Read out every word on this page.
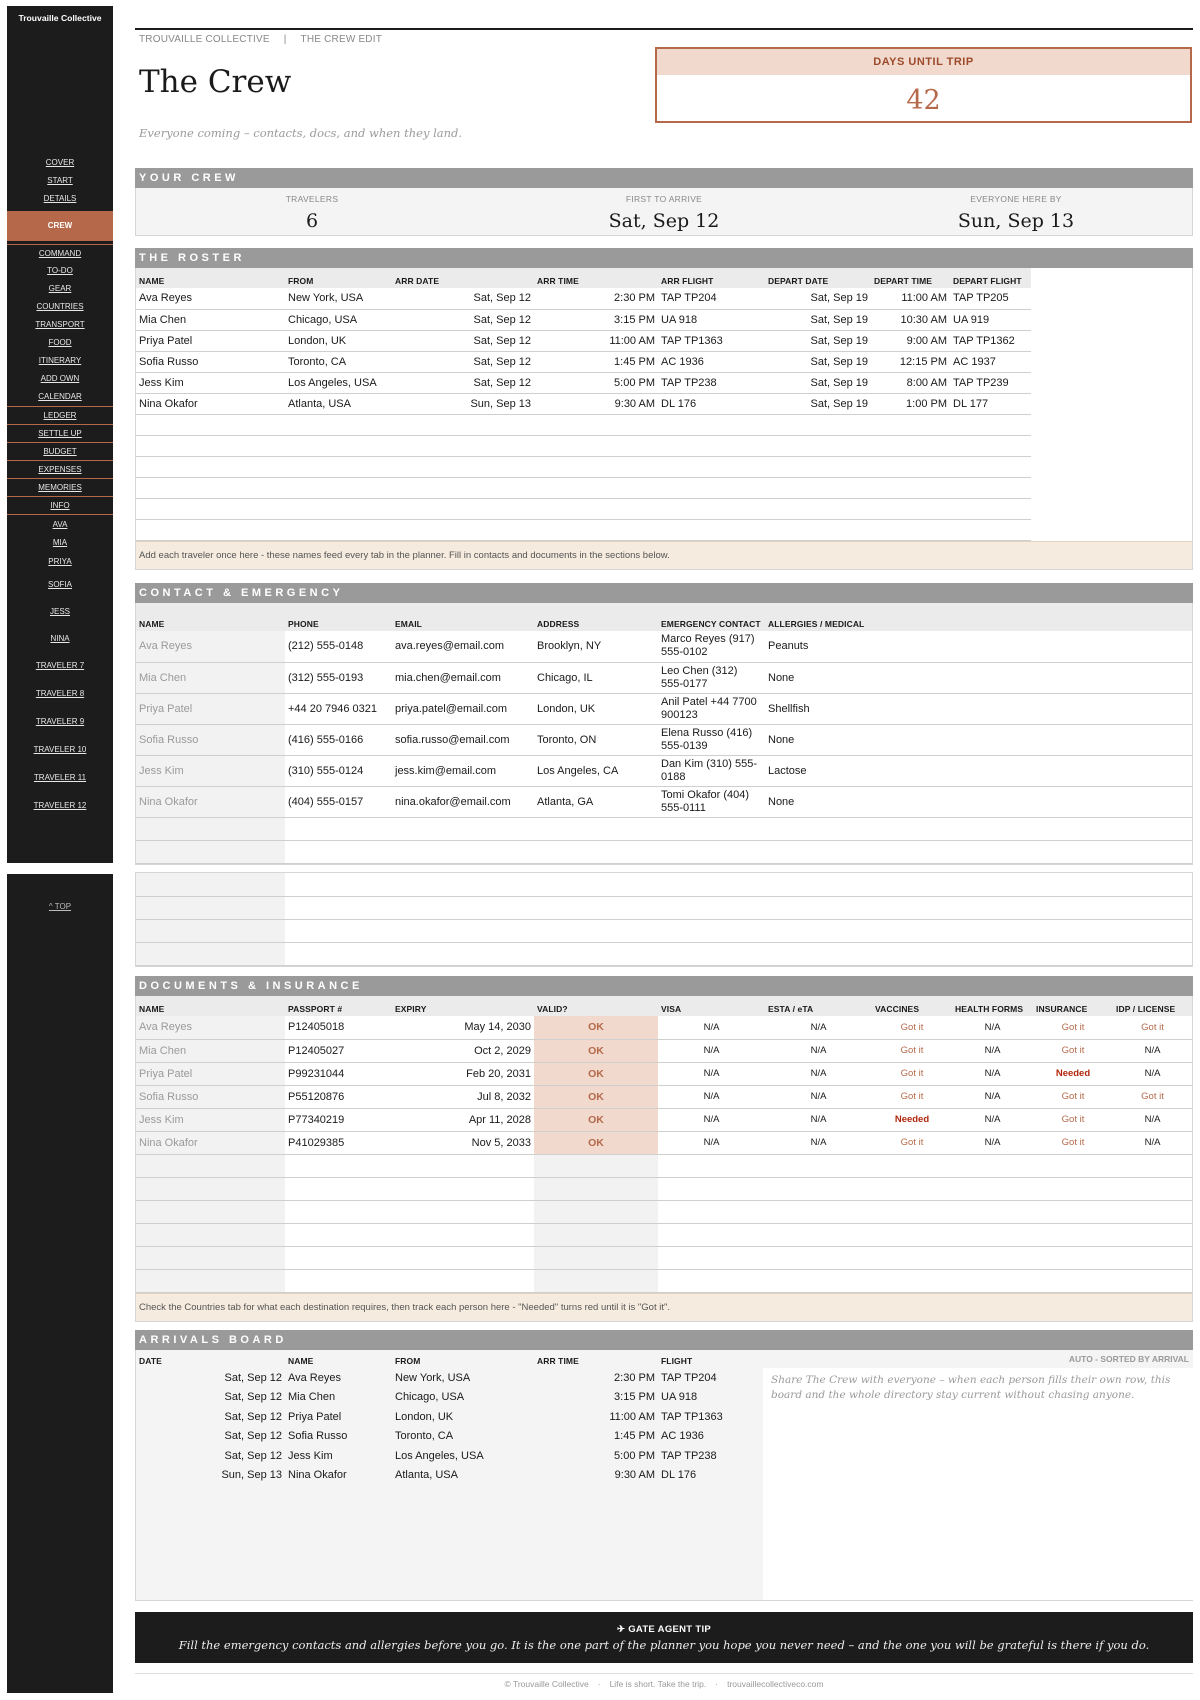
Trouvaille Collective
COVER
START
DETAILS
CREW
COMMAND
TO-DO
GEAR
COUNTRIES
TRANSPORT
FOOD
ITINERARY
ADD OWN
CALENDAR
LEDGER
SETTLE UP
BUDGET
EXPENSES
MEMORIES
INFO
AVA
MIA
PRIYA
SOFIA
JESS
NINA
TRAVELER 7
TRAVELER 8
TRAVELER 9
TRAVELER 10
TRAVELER 11
TRAVELER 12
^ TOP
TROUVAILLE COLLECTIVE | THE CREW EDIT
The Crew
Everyone coming – contacts, docs, and when they land.
DAYS UNTIL TRIP
42
YOUR CREW
TRAVELERS
6
FIRST TO ARRIVE
Sat, Sep 12
EVERYONE HERE BY
Sun, Sep 13
THE ROSTER
NAME	FROM	ARR DATE	ARR TIME	ARR FLIGHT	DEPART DATE	DEPART TIME	DEPART FLIGHT
Ava Reyes	New York, USA	Sat, Sep 12	2:30 PM	TAP TP204	Sat, Sep 19	11:00 AM	TAP TP205
Mia Chen	Chicago, USA	Sat, Sep 12	3:15 PM	UA 918	Sat, Sep 19	10:30 AM	UA 919
Priya Patel	London, UK	Sat, Sep 12	11:00 AM	TAP TP1363	Sat, Sep 19	9:00 AM	TAP TP1362
Sofia Russo	Toronto, CA	Sat, Sep 12	1:45 PM	AC 1936	Sat, Sep 19	12:15 PM	AC 1937
Jess Kim	Los Angeles, USA	Sat, Sep 12	5:00 PM	TAP TP238	Sat, Sep 19	8:00 AM	TAP TP239
Nina Okafor	Atlanta, USA	Sun, Sep 13	9:30 AM	DL 176	Sat, Sep 19	1:00 PM	DL 177

Add each traveler once here - these names feed every tab in the planner. Fill in contacts and documents in the sections below.
CONTACT & EMERGENCY
NAME	PHONE	EMAIL	ADDRESS	EMERGENCY CONTACT	ALLERGIES / MEDICAL
Ava Reyes	(212) 555-0148	ava.reyes@email.com	Brooklyn, NY	Marco Reyes (917) 555-0102	Peanuts
Mia Chen	(312) 555-0193	mia.chen@email.com	Chicago, IL	Leo Chen (312) 555-0177	None
Priya Patel	+44 20 7946 0321	priya.patel@email.com	London, UK	Anil Patel +44 7700 900123	Shellfish
Sofia Russo	(416) 555-0166	sofia.russo@email.com	Toronto, ON	Elena Russo (416) 555-0139	None
Jess Kim	(310) 555-0124	jess.kim@email.com	Los Angeles, CA	Dan Kim (310) 555-0188	Lactose
Nina Okafor	(404) 555-0157	nina.okafor@email.com	Atlanta, GA	Tomi Okafor (404) 555-0111	None

DOCUMENTS & INSURANCE
NAME	PASSPORT #	EXPIRY	VALID?	VISA	ESTA / eTA	VACCINES	HEALTH FORMS	INSURANCE	IDP / LICENSE
Ava Reyes	P12405018	May 14, 2030	OK	N/A	N/A	Got it	N/A	Got it	Got it
Mia Chen	P12405027	Oct 2, 2029	OK	N/A	N/A	Got it	N/A	Got it	N/A
Priya Patel	P99231044	Feb 20, 2031	OK	N/A	N/A	Got it	N/A	Needed	N/A
Sofia Russo	P55120876	Jul 8, 2032	OK	N/A	N/A	Got it	N/A	Got it	Got it
Jess Kim	P77340219	Apr 11, 2028	OK	N/A	N/A	Needed	N/A	Got it	N/A
Nina Okafor	P41029385	Nov 5, 2033	OK	N/A	N/A	Got it	N/A	Got it	N/A

Check the Countries tab for what each destination requires, then track each person here - "Needed" turns red until it is "Got it".
ARRIVALS BOARD
DATE	NAME	FROM	ARR TIME	FLIGHT
Sat, Sep 12	Ava Reyes	New York, USA	2:30 PM	TAP TP204
Sat, Sep 12	Mia Chen	Chicago, USA	3:15 PM	UA 918
Sat, Sep 12	Priya Patel	London, UK	11:00 AM	TAP TP1363
Sat, Sep 12	Sofia Russo	Toronto, CA	1:45 PM	AC 1936
Sat, Sep 12	Jess Kim	Los Angeles, USA	5:00 PM	TAP TP238
Sun, Sep 13	Nina Okafor	Atlanta, USA	9:30 AM	DL 176
AUTO - SORTED BY ARRIVAL
Share The Crew with everyone – when each person fills their own row, this board and the whole directory stay current without chasing anyone.
✈ GATE AGENT TIP
Fill the emergency contacts and allergies before you go. It is the one part of the planner you hope you never need – and the one you will be grateful is there if you do.
© Trouvaille Collective · Life is short. Take the trip. · trouvaillecollectiveco.com
